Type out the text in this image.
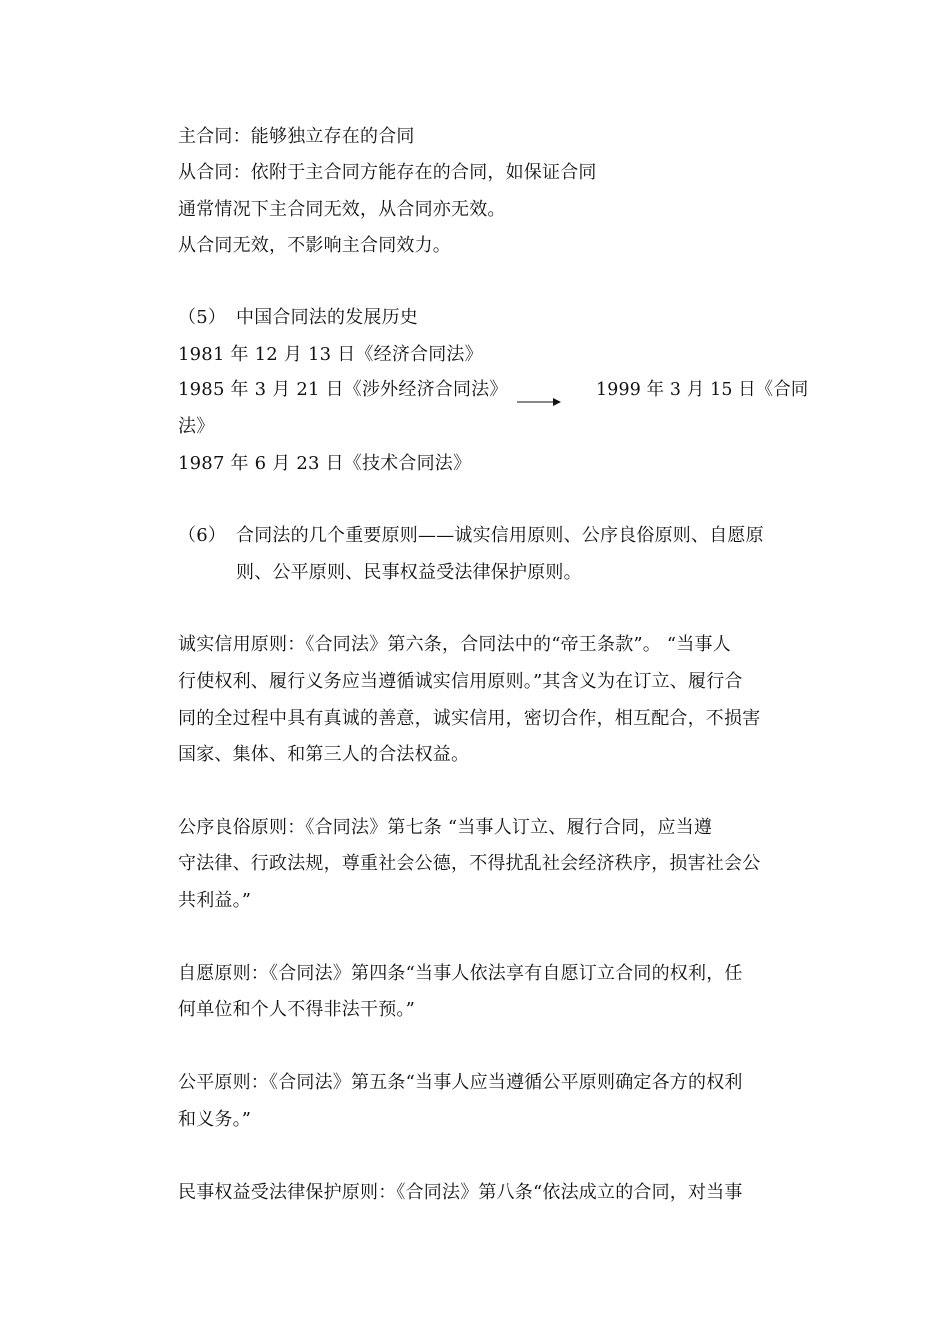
主合同：能够独立存在的合同
从合同：依附于主合同方能存在的合同，如保证合同
通常情况下主合同无效，从合同亦无效。
从合同无效，不影响主合同效力。
（5） 中国合同法的发展历史
1981 年 12 月 13 日《经济合同法》
1985 年 3 月 21 日《涉外经济合同法》	1999 年 3 月 15 日《合同
法》
1987 年 6 月 23 日《技术合同法》
（6） 合同法的几个重要原则——诚实信用原则、公序良俗原则、自愿原
则、公平原则、民事权益受法律保护原则。
诚实信用原则：《合同法》第六条，合同法中的“帝王条款”。 “当事人
行使权利、履行义务应当遵循诚实信用原则。”其含义为在订立、履行合
同的全过程中具有真诚的善意，诚实信用，密切合作，相互配合，不损害
国家、集体、和第三人的合法权益。
公序良俗原则：《合同法》第七条 “当事人订立、履行合同，应当遵
守法律、行政法规，尊重社会公德，不得扰乱社会经济秩序，损害社会公
共利益。”
自愿原则：《合同法》第四条“当事人依法享有自愿订立合同的权利，任
何单位和个人不得非法干预。”
公平原则：《合同法》第五条“当事人应当遵循公平原则确定各方的权利
和义务。”
民事权益受法律保护原则：《合同法》第八条“依法成立的合同，对当事
